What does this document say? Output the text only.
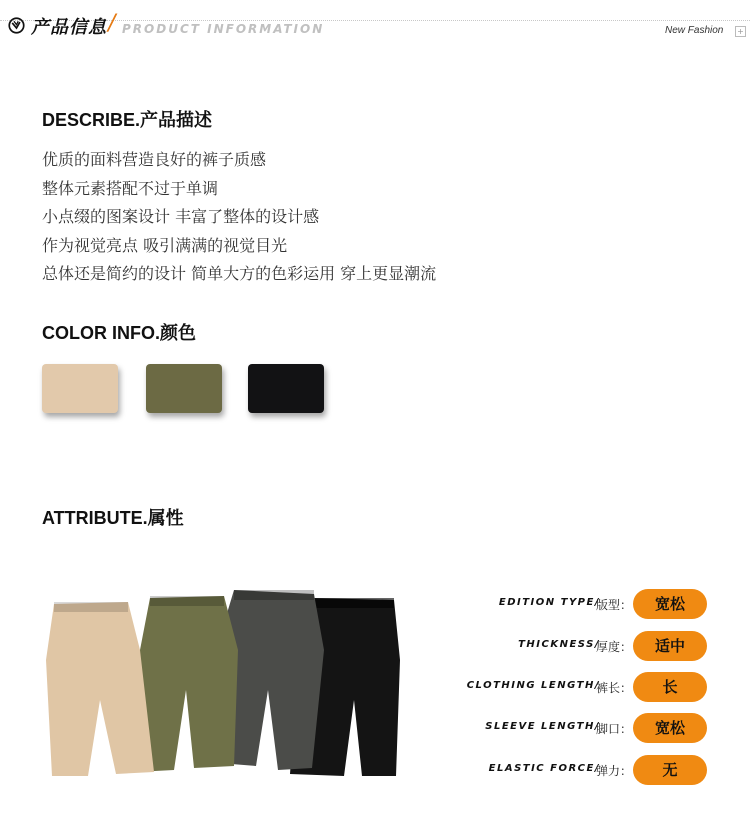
产品信息 / PRODUCT INFORMATION	New Fashion +
DESCRIBE.产品描述
优质的面料营造良好的裤子质感
整体元素搭配不过于单调
小点缀的图案设计 丰富了整体的设计感
作为视觉亮点 吸引满满的视觉目光
总体还是简约的设计 简单大方的色彩运用 穿上更显潮流
COLOR INFO.颜色
ATTRIBUTE.属性
EDITION TYPE/
版型：	宽松
THICKNESS/
厚度：	适中
CLOTHING LENGTH/
裤长：	长
SLEEVE LENGTH/
脚口：	宽松
ELASTIC FORCE/
弹力：	无
